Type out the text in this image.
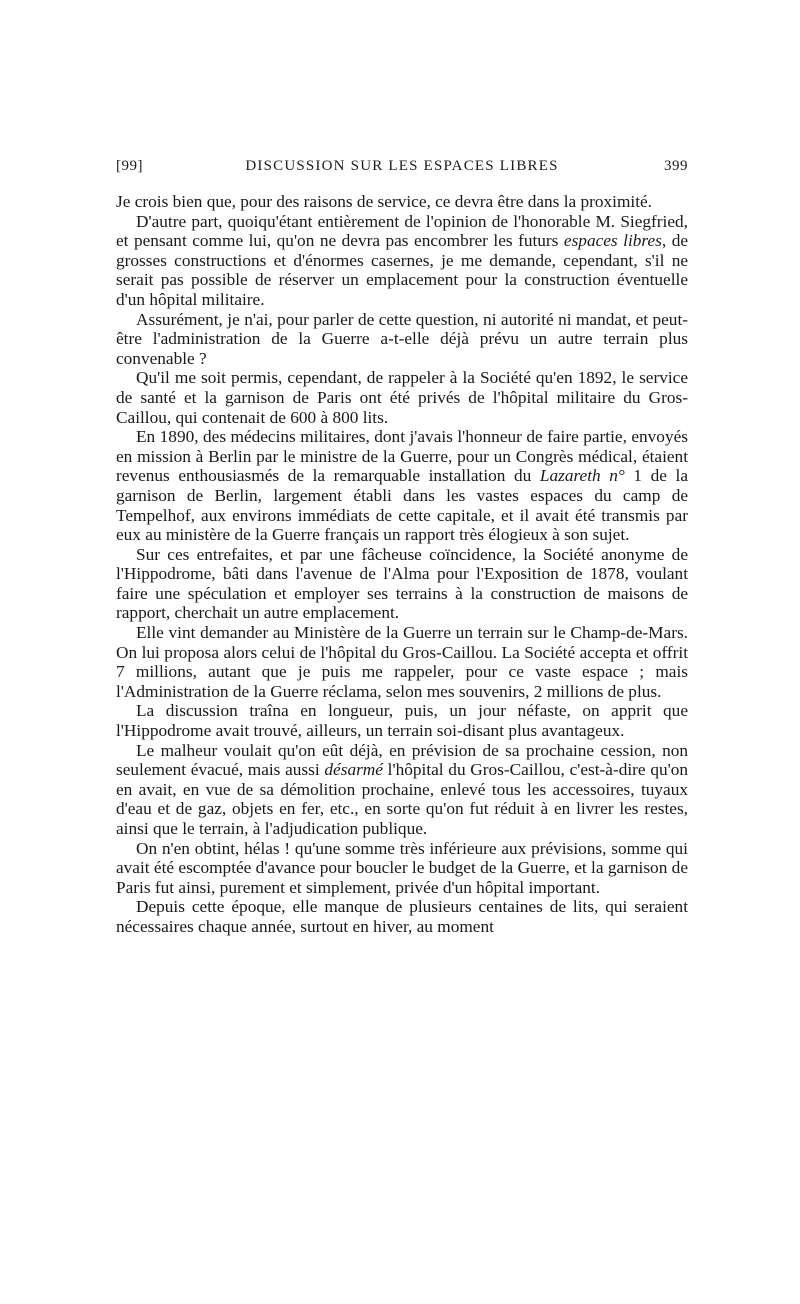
[99]	DISCUSSION SUR LES ESPACES LIBRES	399

Je crois bien que, pour des raisons de service, ce devra être dans la proximité.

D'autre part, quoiqu'étant entièrement de l'opinion de l'honorable M. Siegfried, et pensant comme lui, qu'on ne devra pas encombrer les futurs espaces libres, de grosses constructions et d'énormes casernes, je me demande, cependant, s'il ne serait pas possible de réserver un emplacement pour la construction éventuelle d'un hôpital militaire.

Assurément, je n'ai, pour parler de cette question, ni autorité ni mandat, et peut-être l'administration de la Guerre a-t-elle déjà prévu un autre terrain plus convenable ?

Qu'il me soit permis, cependant, de rappeler à la Société qu'en 1892, le service de santé et la garnison de Paris ont été privés de l'hôpital militaire du Gros-Caillou, qui contenait de 600 à 800 lits.

En 1890, des médecins militaires, dont j'avais l'honneur de faire partie, envoyés en mission à Berlin par le ministre de la Guerre, pour un Congrès médical, étaient revenus enthousiasmés de la remarquable installation du Lazareth n° 1 de la garnison de Berlin, largement établi dans les vastes espaces du camp de Tempelhof, aux environs immédiats de cette capitale, et il avait été transmis par eux au ministère de la Guerre français un rapport très élogieux à son sujet.

Sur ces entrefaites, et par une fâcheuse coïncidence, la Société anonyme de l'Hippodrome, bâti dans l'avenue de l'Alma pour l'Exposition de 1878, voulant faire une spéculation et employer ses terrains à la construction de maisons de rapport, cherchait un autre emplacement.

Elle vint demander au Ministère de la Guerre un terrain sur le Champ-de-Mars. On lui proposa alors celui de l'hôpital du Gros-Caillou. La Société accepta et offrit 7 millions, autant que je puis me rappeler, pour ce vaste espace ; mais l'Administration de la Guerre réclama, selon mes souvenirs, 2 millions de plus.

La discussion traîna en longueur, puis, un jour néfaste, on apprit que l'Hippodrome avait trouvé, ailleurs, un terrain soi-disant plus avantageux.

Le malheur voulait qu'on eût déjà, en prévision de sa prochaine cession, non seulement évacué, mais aussi désarmé l'hôpital du Gros-Caillou, c'est-à-dire qu'on en avait, en vue de sa démolition prochaine, enlevé tous les accessoires, tuyaux d'eau et de gaz, objets en fer, etc., en sorte qu'on fut réduit à en livrer les restes, ainsi que le terrain, à l'adjudication publique.

On n'en obtint, hélas ! qu'une somme très inférieure aux prévisions, somme qui avait été escomptée d'avance pour boucler le budget de la Guerre, et la garnison de Paris fut ainsi, purement et simplement, privée d'un hôpital important.

Depuis cette époque, elle manque de plusieurs centaines de lits, qui seraient nécessaires chaque année, surtout en hiver, au moment
